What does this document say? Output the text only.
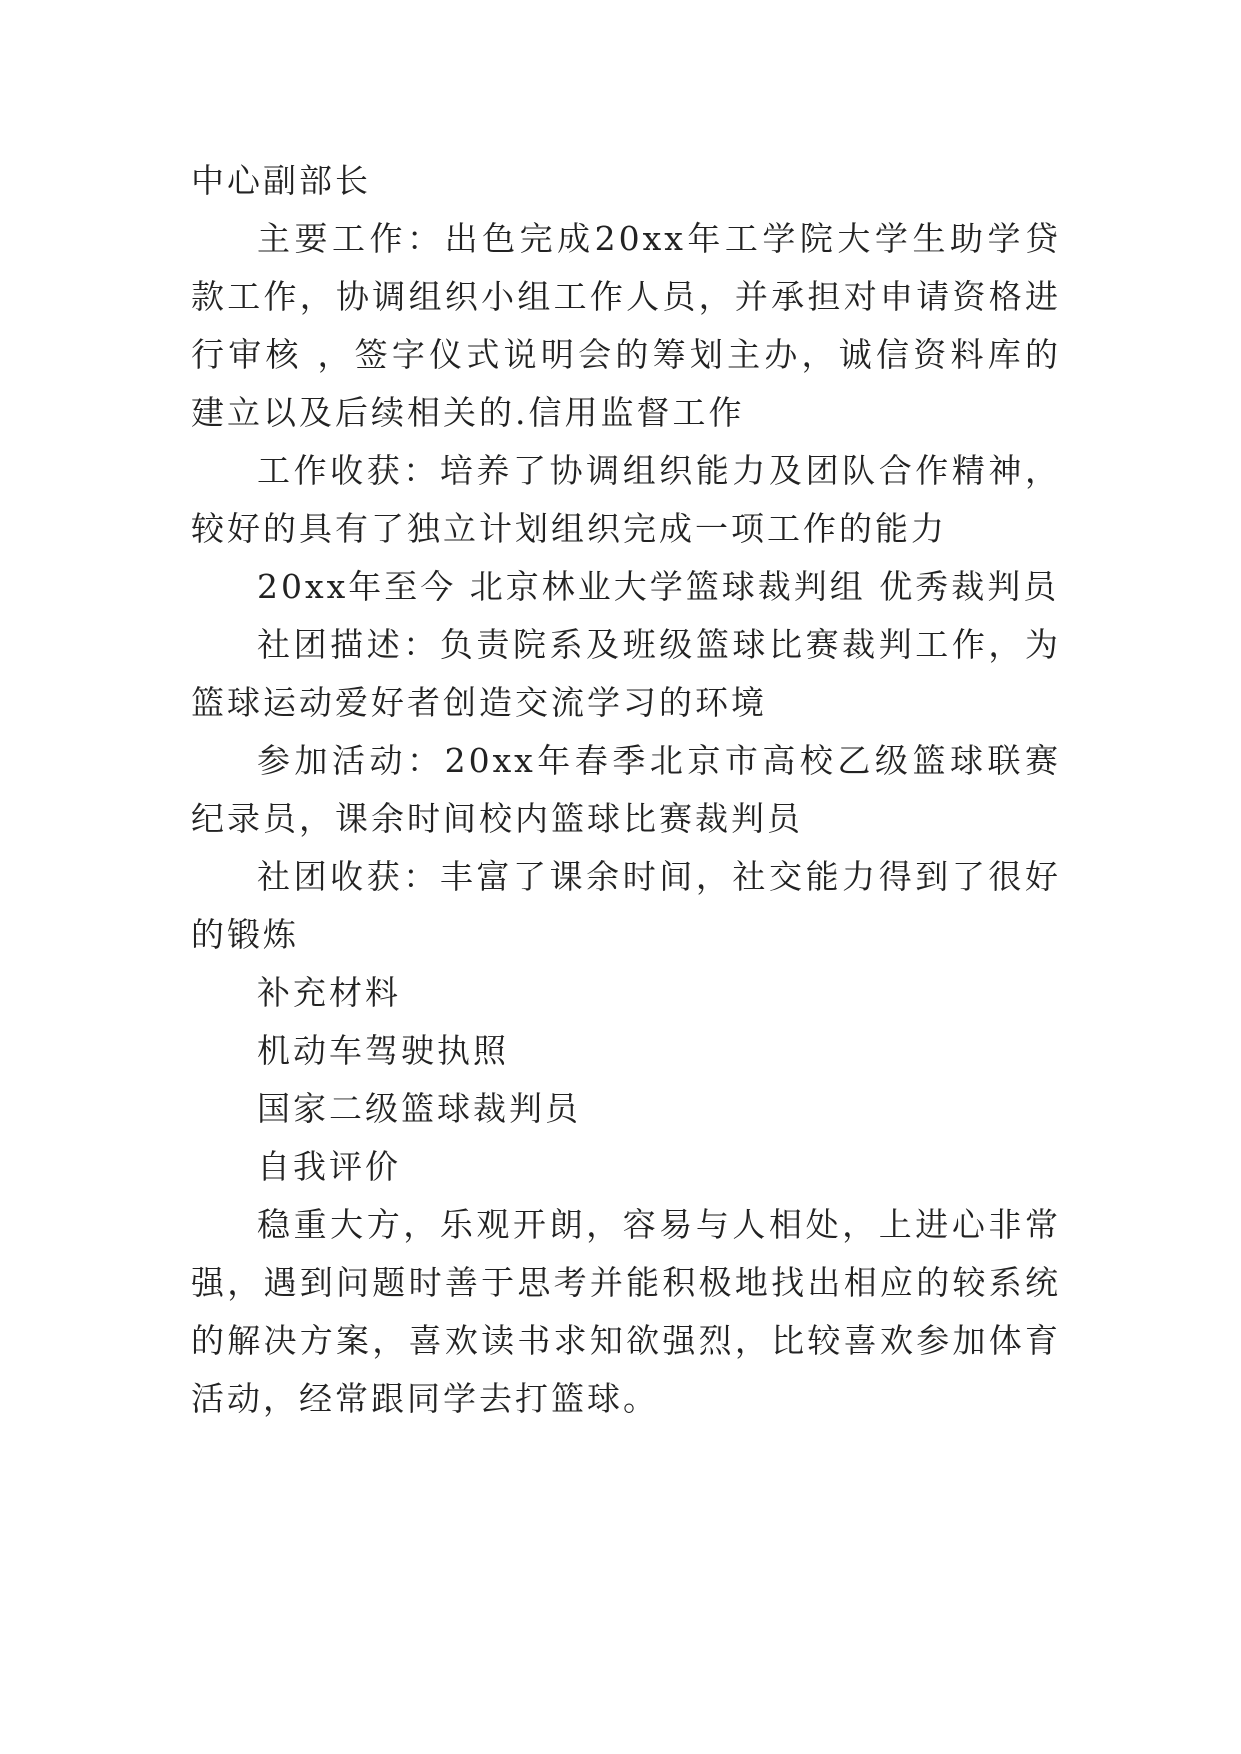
中心副部长

主要工作：出色完成20xx年工学院大学生助学贷款工作，协调组织小组工作人员，并承担对申请资格进行审核 ，签字仪式说明会的筹划主办，诚信资料库的建立以及后续相关的.信用监督工作

工作收获：培养了协调组织能力及团队合作精神，较好的具有了独立计划组织完成一项工作的能力

20xx年至今 北京林业大学篮球裁判组 优秀裁判员

社团描述：负责院系及班级篮球比赛裁判工作，为篮球运动爱好者创造交流学习的环境

参加活动：20xx年春季北京市高校乙级篮球联赛纪录员，课余时间校内篮球比赛裁判员

社团收获：丰富了课余时间，社交能力得到了很好的锻炼

补充材料

机动车驾驶执照

国家二级篮球裁判员

自我评价

稳重大方，乐观开朗，容易与人相处，上进心非常强，遇到问题时善于思考并能积极地找出相应的较系统的解决方案，喜欢读书求知欲强烈，比较喜欢参加体育活动，经常跟同学去打篮球。
